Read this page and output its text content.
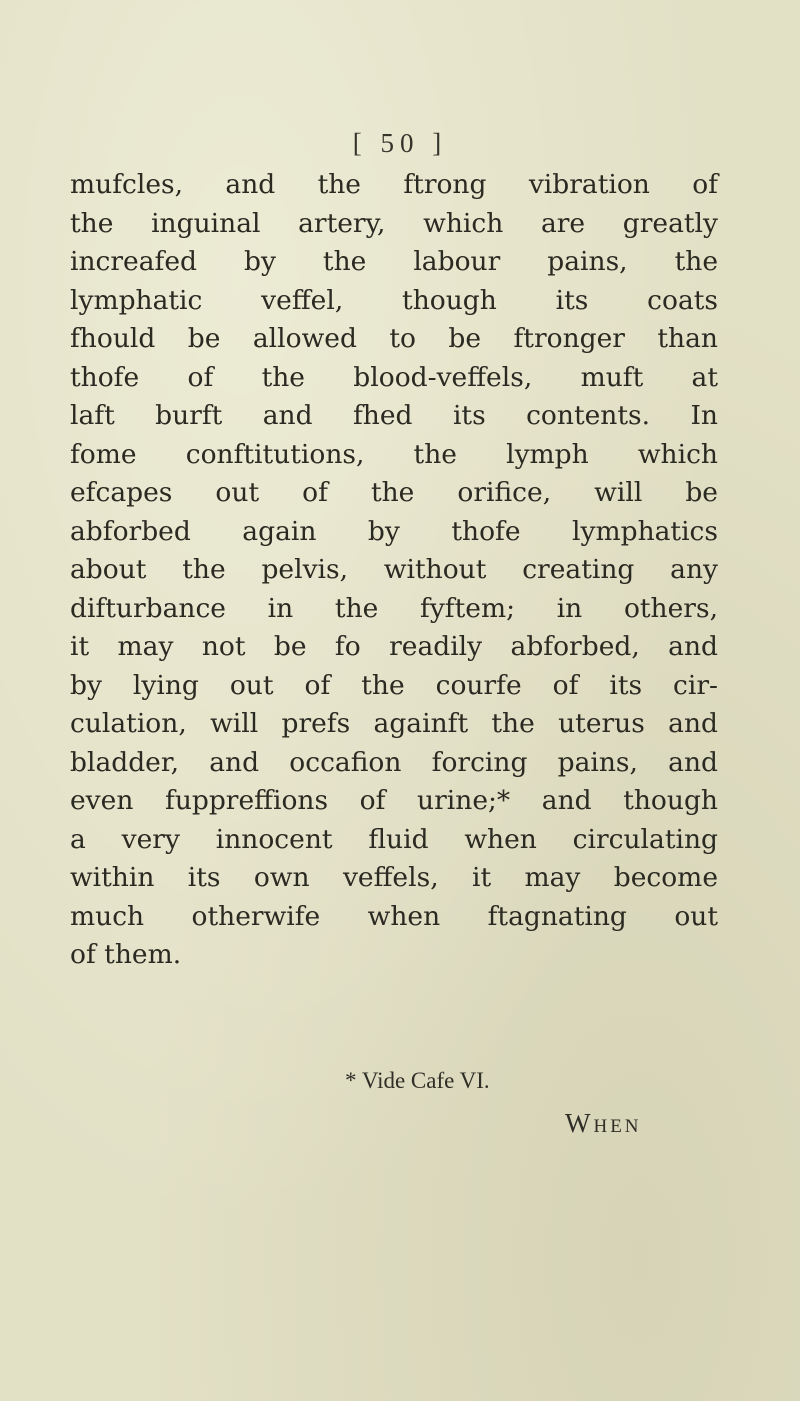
[ 50 ]
mufcles, and the ftrong vibration of
the inguinal artery, which are greatly
increafed by the labour pains, the
lymphatic veffel, though its coats
fhould be allowed to be ftronger than
thofe of the blood-veffels, muft at
laft burft and fhed its contents. In
fome conftitutions, the lymph which
efcapes out of the orifice, will be
abforbed again by thofe lymphatics
about the pelvis, without creating any
difturbance in the fyftem; in others,
it may not be fo readily abforbed, and
by lying out of the courfe of its cir-
culation, will prefs againft the uterus and
bladder, and occafion forcing pains, and
even fuppreffions of urine;* and though
a very innocent fluid when circulating
within its own veffels, it may become
much otherwife when ftagnating out
of them.
* Vide Cafe VI.
When
